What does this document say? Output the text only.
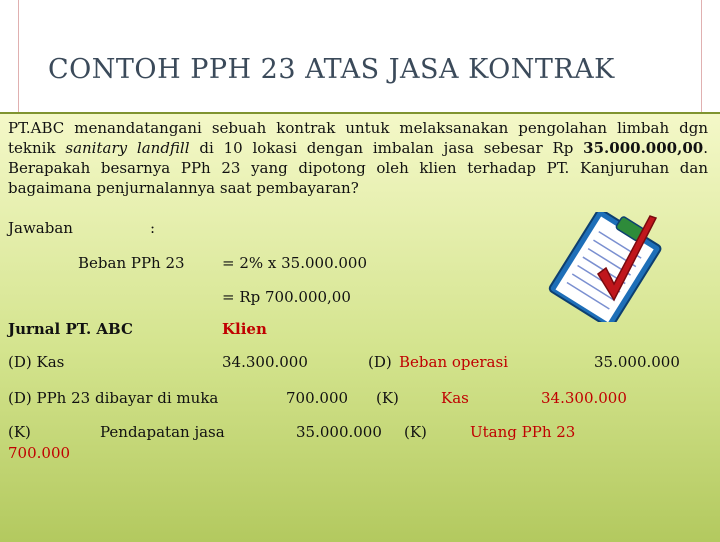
CONTOH PPH 23 ATAS JASA KONTRAK
PT.ABC menandatangani sebuah kontrak untuk melaksanakan pengolahan limbah dgn teknik sanitary landfill di 10 lokasi dengan imbalan jasa sebesar Rp 35.000.000,00. Berapakah besarnya PPh 23 yang dipotong oleh klien terhadap PT. Kanjuruhan dan bagaimana penjurnalannya saat pembayaran?
Jawaban	:
Beban PPh 23 = 2% x 35.000.000
= Rp 700.000,00
Jurnal PT. ABC	Klien
(D) Kas	34.300.000	(D) Beban operasi	35.000.000
(D) PPh 23 dibayar di muka	700.000 (K)	Kas	34.300.000
(K)	Pendapatan jasa	35.000.000 (K)	Utang PPh 23
700.000
